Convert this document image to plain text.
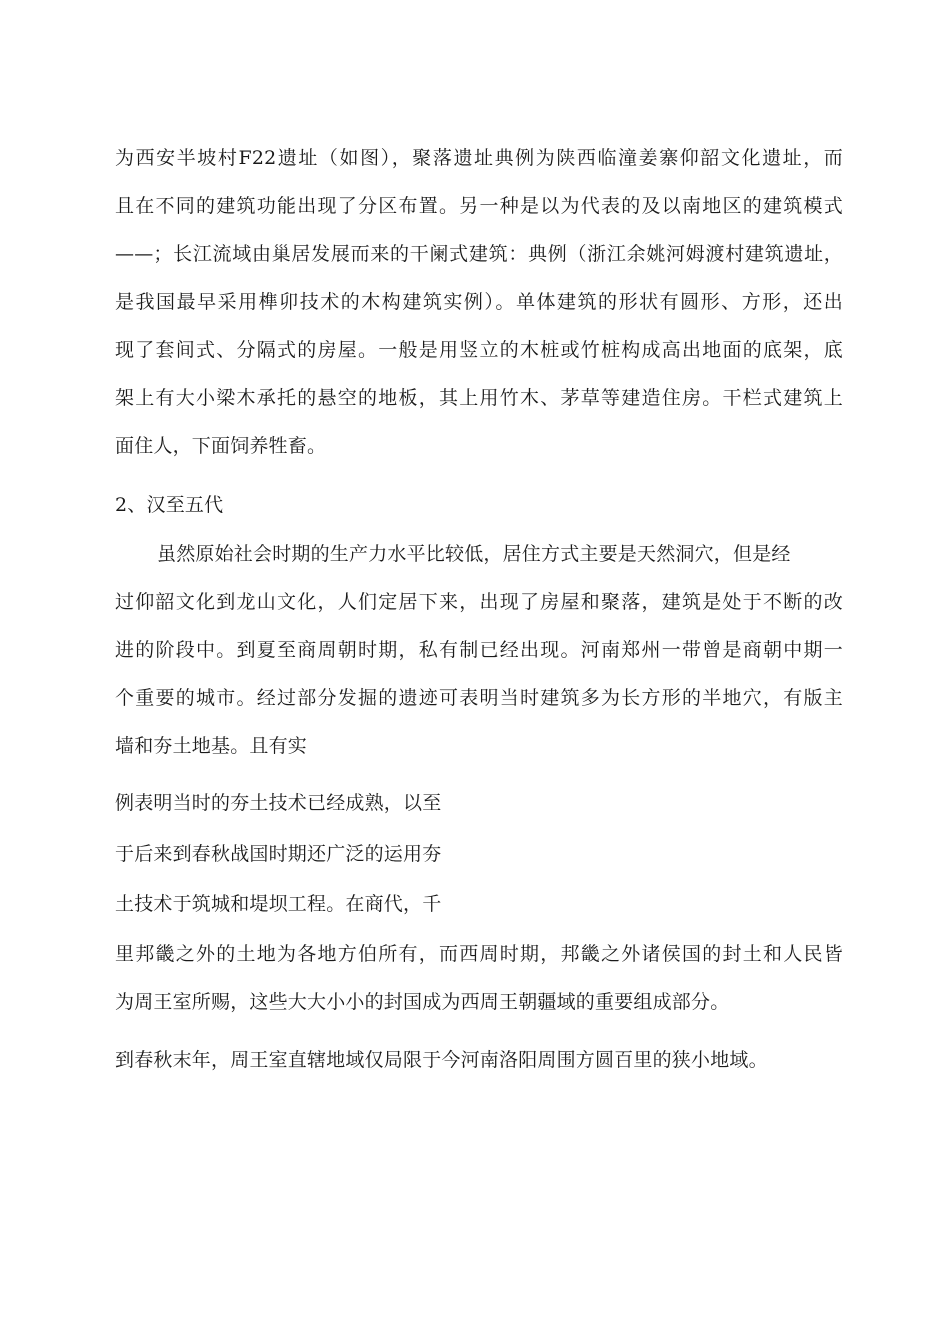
为西安半坡村F22遗址（如图），聚落遗址典例为陕西临潼姜寨仰韶文化遗址，而
且在不同的建筑功能出现了分区布置。另一种是以为代表的及以南地区的建筑模式
——；长江流域由巢居发展而来的干阑式建筑：典例（浙江余姚河姆渡村建筑遗址，
是我国最早采用榫卯技术的木构建筑实例）。单体建筑的形状有圆形、方形，还出
现了套间式、分隔式的房屋。一般是用竖立的木桩或竹桩构成高出地面的底架，底
架上有大小梁木承托的悬空的地板，其上用竹木、茅草等建造住房。干栏式建筑上
面住人，下面饲养牲畜。
2、汉至五代
虽然原始社会时期的生产力水平比较低，居住方式主要是天然洞穴，但是经
过仰韶文化到龙山文化，人们定居下来，出现了房屋和聚落，建筑是处于不断的改
进的阶段中。到夏至商周朝时期，私有制已经出现。河南郑州一带曾是商朝中期一
个重要的城市。经过部分发掘的遗迹可表明当时建筑多为长方形的半地穴，有版主
墙和夯土地基。且有实
例表明当时的夯土技术已经成熟，以至
于后来到春秋战国时期还广泛的运用夯
土技术于筑城和堤坝工程。在商代，千
里邦畿之外的土地为各地方伯所有，而西周时期，邦畿之外诸侯国的封土和人民皆
为周王室所赐，这些大大小小的封国成为西周王朝疆域的重要组成部分。
到春秋末年，周王室直辖地域仅局限于今河南洛阳周围方圆百里的狭小地域。
